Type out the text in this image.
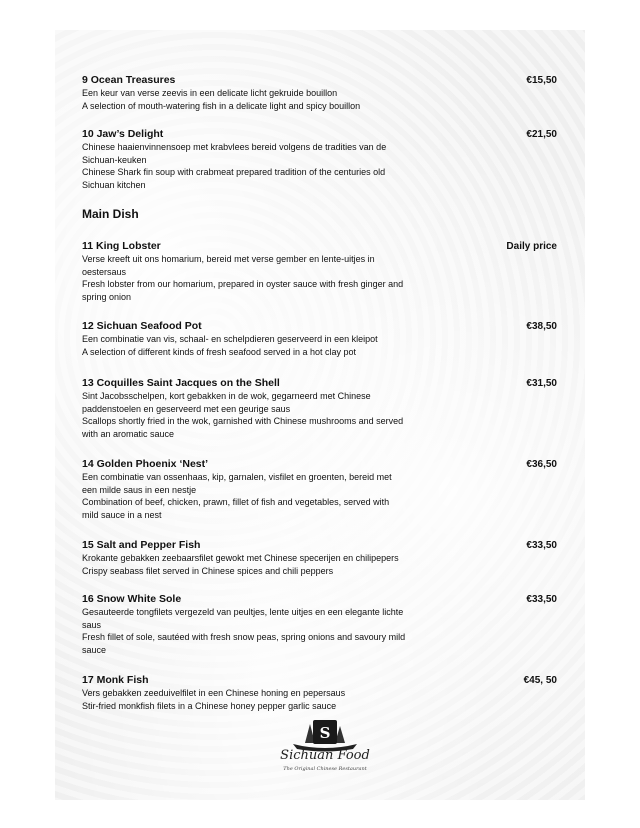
9 Ocean Treasures	€15,50
Een keur van verse zeevis in een delicate licht gekruide bouillon
A selection of mouth-watering fish in a delicate light and spicy bouillon
10 Jaw’s Delight	€21,50
Chinese haaienvinnensoep met krabvlees bereid volgens de tradities van de
Sichuan-keuken
Chinese Shark fin soup with crabmeat prepared tradition of the centuries old
Sichuan kitchen
Main Dish
11 King Lobster	Daily price
Verse kreeft uit ons homarium, bereid met verse gember en lente-uitjes in
oestersaus
Fresh lobster from our homarium, prepared in oyster sauce with fresh ginger and
spring onion
12 Sichuan Seafood Pot	€38,50
Een combinatie van vis, schaal- en schelpdieren geserveerd in een kleipot
A selection of different kinds of fresh seafood served in a hot clay pot
13 Coquilles Saint Jacques on the Shell	€31,50
Sint Jacobsschelpen, kort gebakken in de wok, gegarneerd met Chinese
paddenstoelen en geserveerd met een geurige saus
Scallops shortly fried in the wok, garnished with Chinese mushrooms and served
with an aromatic sauce
14 Golden Phoenix ‘Nest’	€36,50
Een combinatie van ossenhaas, kip, garnalen, visfilet en groenten, bereid met
een milde saus in een nestje
Combination of beef, chicken, prawn, fillet of fish and vegetables, served with
mild sauce in a nest
15 Salt and Pepper Fish	€33,50
Krokante gebakken zeebaarsfilet gewokt met Chinese specerijen en chilipepers
Crispy seabass filet served in Chinese spices and chili peppers
16 Snow White Sole	€33,50
Gesauteerde tongfilets vergezeld van peultjes, lente uitjes en een elegante lichte
saus
Fresh fillet of sole, sautéed with fresh snow peas, spring onions and savoury mild
sauce
17 Monk Fish	€45, 50
Vers gebakken zeeduivelfilet in een Chinese honing en pepersaus
Stir-fried monkfish filets in a Chinese honey pepper garlic sauce
S
Sichuan Food
The Original Chinese Restaurant
